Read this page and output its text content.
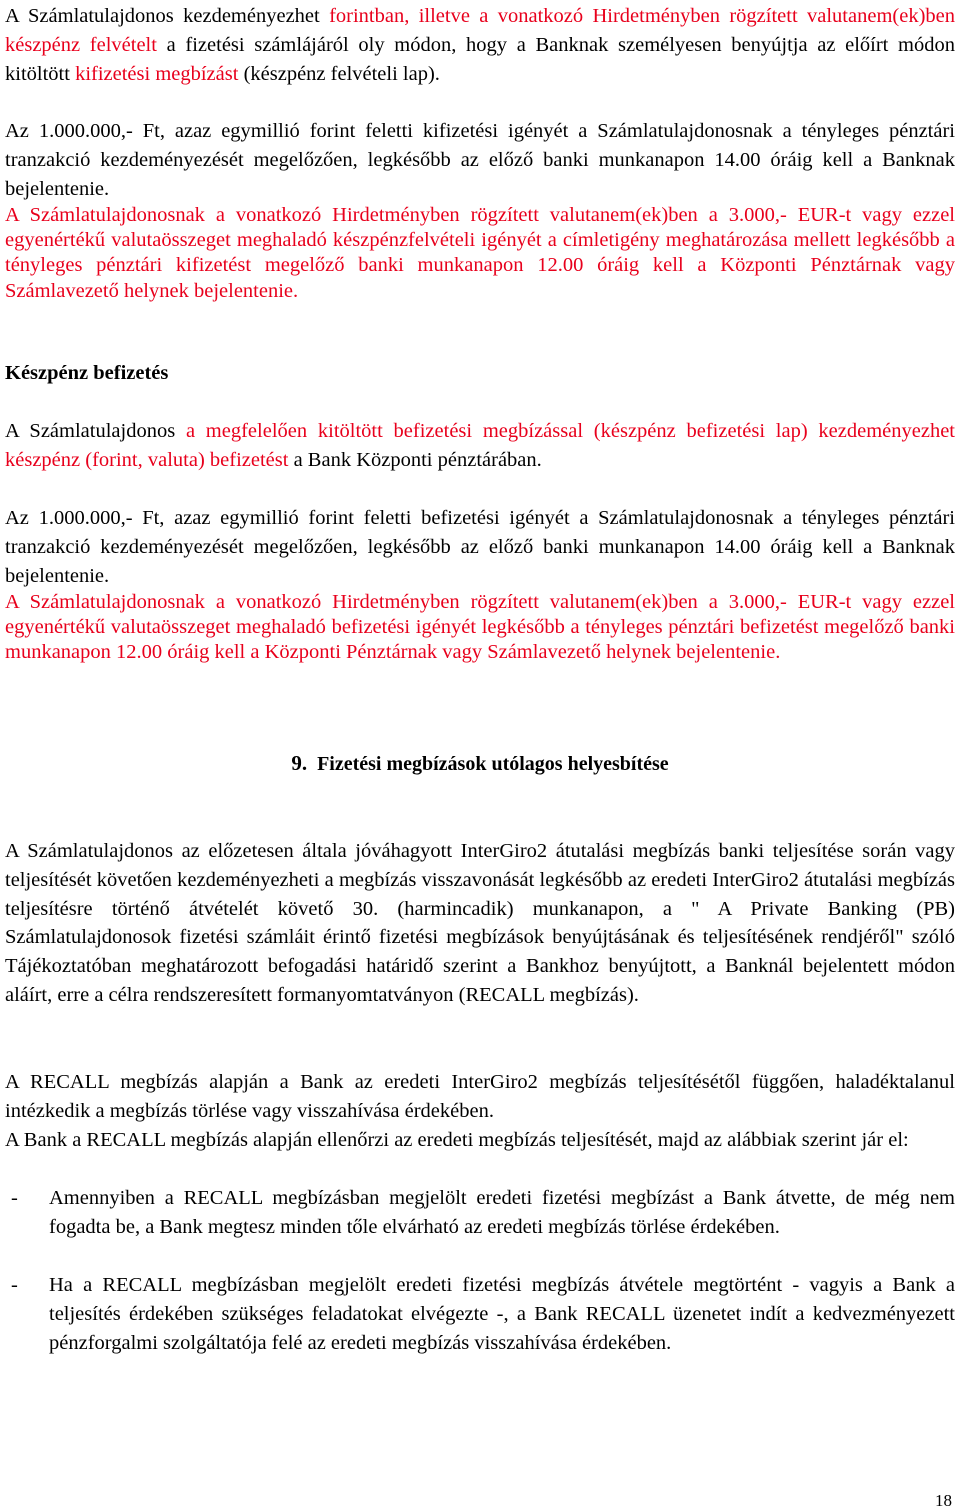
A Számlatulajdonos kezdeményezhet forintban, illetve a vonatkozó Hirdetményben rögzített valutanem(ek)ben készpénz felvételt a fizetési számlájáról oly módon, hogy a Banknak személyesen benyújtja az előírt módon kitöltött kifizetési megbízást (készpénz felvételi lap).

Az 1.000.000,- Ft, azaz egymillió forint feletti kifizetési igényét a Számlatulajdonosnak a tényleges pénztári tranzakció kezdeményezését megelőzően, legkésőbb az előző banki munkanapon 14.00 óráig kell a Banknak bejelentenie.

A Számlatulajdonosnak a vonatkozó Hirdetményben rögzített valutanem(ek)ben a 3.000,- EUR-t vagy ezzel egyenértékű valutaösszeget meghaladó készpénzfelvételi igényét a címletigény meghatározása mellett legkésőbb a tényleges pénztári kifizetést megelőző banki munkanapon 12.00 óráig kell a Központi Pénztárnak vagy Számlavezető helynek bejelentenie.

Készpénz befizetés

A Számlatulajdonos a megfelelően kitöltött befizetési megbízással (készpénz befizetési lap) kezdeményezhet készpénz (forint, valuta) befizetést a Bank Központi pénztárában.

Az 1.000.000,- Ft, azaz egymillió forint feletti befizetési igényét a Számlatulajdonosnak a tényleges pénztári tranzakció kezdeményezését megelőzően, legkésőbb az előző banki munkanapon 14.00 óráig kell a Banknak bejelentenie.

A Számlatulajdonosnak a vonatkozó Hirdetményben rögzített valutanem(ek)ben a 3.000,- EUR-t vagy ezzel egyenértékű valutaösszeget meghaladó befizetési igényét legkésőbb a tényleges pénztári befizetést megelőző banki munkanapon 12.00 óráig kell a Központi Pénztárnak vagy Számlavezető helynek bejelentenie.

9. Fizetési megbízások utólagos helyesbítése

A Számlatulajdonos az előzetesen általa jóváhagyott InterGiro2 átutalási megbízás banki teljesítése során vagy teljesítését követően kezdeményezheti a megbízás visszavonását legkésőbb az eredeti InterGiro2 átutalási megbízás teljesítésre történő átvételét követő 30. (harmincadik) munkanapon, a " A Private Banking (PB) Számlatulajdonosok fizetési számláit érintő fizetési megbízások benyújtásának és teljesítésének rendjéről" szóló Tájékoztatóban meghatározott befogadási határidő szerint a Bankhoz benyújtott, a Banknál bejelentett módon aláírt, erre a célra rendszeresített formanyomtatványon (RECALL megbízás).

A RECALL megbízás alapján a Bank az eredeti InterGiro2 megbízás teljesítésétől függően, haladéktalanul intézkedik a megbízás törlése vagy visszahívása érdekében.

A Bank a RECALL megbízás alapján ellenőrzi az eredeti megbízás teljesítését, majd az alábbiak szerint jár el:

- Amennyiben a RECALL megbízásban megjelölt eredeti fizetési megbízást a Bank átvette, de még nem fogadta be, a Bank megtesz minden tőle elvárható az eredeti megbízás törlése érdekében.
- Ha a RECALL megbízásban megjelölt eredeti fizetési megbízás átvétele megtörtént - vagyis a Bank a teljesítés érdekében szükséges feladatokat elvégezte -, a Bank RECALL üzenetet indít a kedvezményezett pénzforgalmi szolgáltatója felé az eredeti megbízás visszahívása érdekében.
18
